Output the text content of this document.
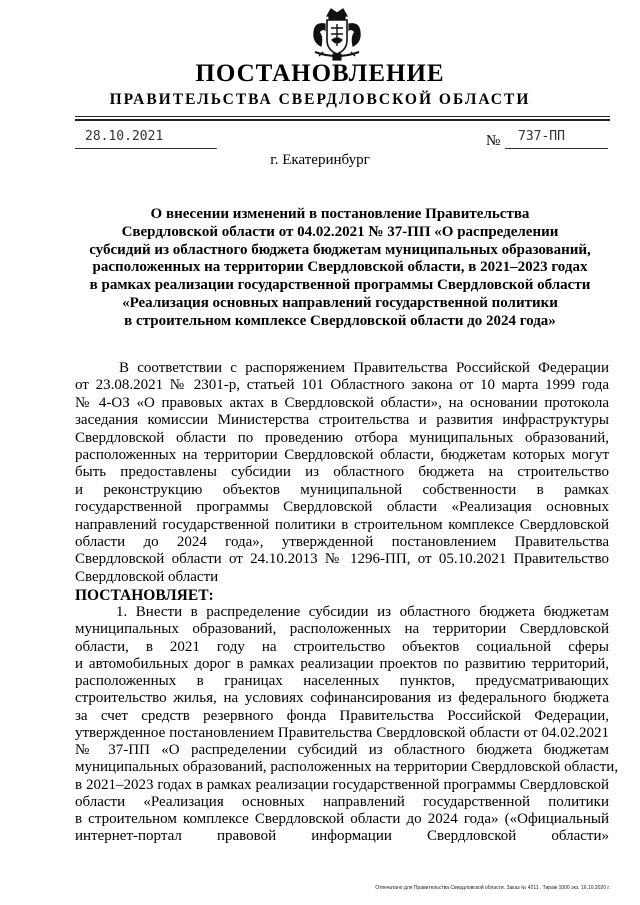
ПОСТАНОВЛЕНИЕ
ПРАВИТЕЛЬСТВА СВЕРДЛОВСКОЙ ОБЛАСТИ
28.10.2021	№ 737-ПП
г. Екатеринбург
О внесении изменений в постановление Правительства
Свердловской области от 04.02.2021 № 37-ПП «О распределении
субсидий из областного бюджета бюджетам муниципальных образований,
расположенных на территории Свердловской области, в 2021–2023 годах
в рамках реализации государственной программы Свердловской области
«Реализация основных направлений государственной политики
в строительном комплексе Свердловской области до 2024 года»
В соответствии с распоряжением Правительства Российской Федерации
от 23.08.2021 № 2301-р, статьей 101 Областного закона от 10 марта 1999 года
№ 4-ОЗ «О правовых актах в Свердловской области», на основании протокола
заседания комиссии Министерства строительства и развития инфраструктуры
Свердловской области по проведению отбора муниципальных образований,
расположенных на территории Свердловской области, бюджетам которых могут
быть предоставлены субсидии из областного бюджета на строительство
и реконструкцию объектов муниципальной собственности в рамках
государственной программы Свердловской области «Реализация основных
направлений государственной политики в строительном комплексе Свердловской
области до 2024 года», утвержденной постановлением Правительства
Свердловской области от 24.10.2013 № 1296-ПП, от 05.10.2021 Правительство
Свердловской области
ПОСТАНОВЛЯЕТ:
1. Внести в распределение субсидии из областного бюджета бюджетам
муниципальных образований, расположенных на территории Свердловской
области, в 2021 году на строительство объектов социальной сферы
и автомобильных дорог в рамках реализации проектов по развитию территорий,
расположенных в границах населенных пунктов, предусматривающих
строительство жилья, на условиях софинансирования из федерального бюджета
за счет средств резервного фонда Правительства Российской Федерации,
утвержденное постановлением Правительства Свердловской области от 04.02.2021
№ 37-ПП «О распределении субсидий из областного бюджета бюджетам
муниципальных образований, расположенных на территории Свердловской области,
в 2021–2023 годах в рамках реализации государственной программы Свердловской
области «Реализация основных направлений государственной политики
в строительном комплексе Свердловской области до 2024 года» («Официальный
интернет-портал правовой информации Свердловской области»
Отпечатано для Правительства Свердловской области. Заказ № 4211 . Тираж 1000 экз. 16.10.2020 г.
